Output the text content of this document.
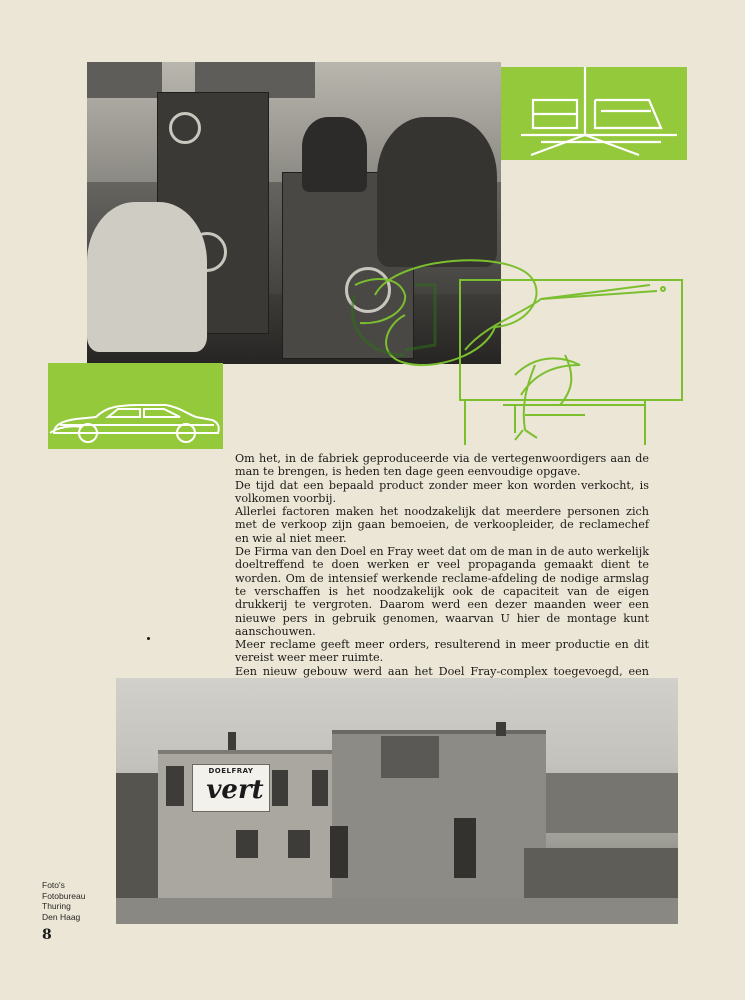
Om het, in de fabriek geproduceerde via de vertegenwoordigers aan de man te brengen, is heden ten dage geen eenvoudige opgave.

De tijd dat een bepaald product zonder meer kon worden verkocht, is volkomen voorbij.

Allerlei factoren maken het noodzakelijk dat meerdere personen zich met de verkoop zijn gaan bemoeien, de verkoopleider, de reclamechef en wie al niet meer.

De Firma van den Doel en Fray weet dat om de man in de auto werkelijk doeltreffend te doen werken er veel propaganda gemaakt dient te worden. Om de intensief werkende reclame-afdeling de nodige armslag te verschaffen is het noodzakelijk ook de capaciteit van de eigen drukkerij te vergroten. Daarom werd een dezer maanden weer een nieuwe pers in gebruik genomen, waarvan U hier de montage kunt aanschouwen.

Meer reclame geeft meer orders, resulterend in meer productie en dit vereist weer meer ruimte.

Een nieuw gebouw werd aan het Doel Fray-complex toegevoegd, een

DOELFRAY
vert

Foto's

Fotobureau

Thuring

Den Haag

8
